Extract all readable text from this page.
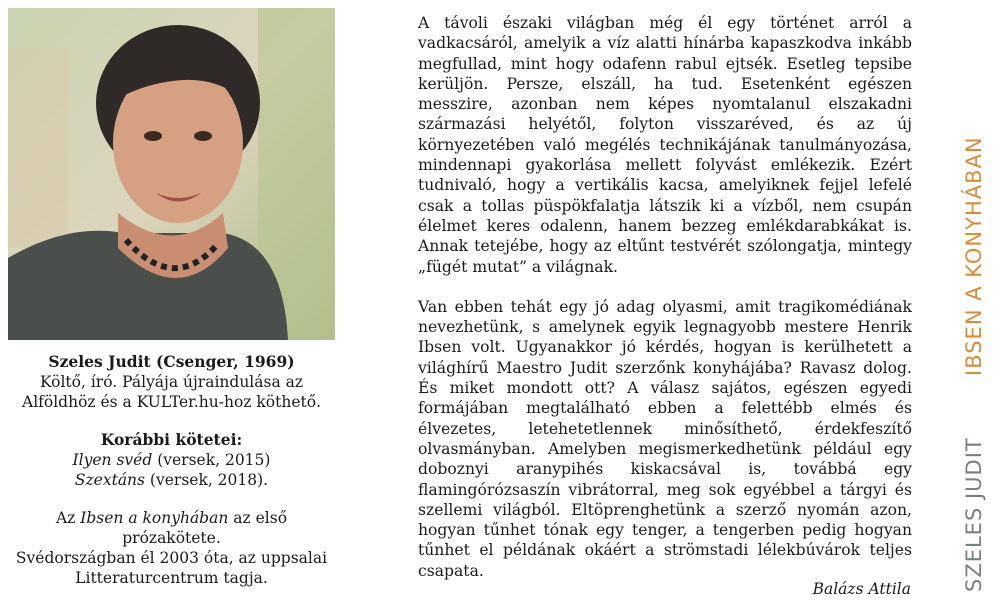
Szeles Judit (Csenger, 1969)

Költő, író. Pályája újraindulása az

Alföldhöz és a KULTer.hu-hoz köthető.

Korábbi kötetei:

Ilyen svéd (versek, 2015)

Szextáns (versek, 2018).

Az Ibsen a konyhában az első prózakötete.

Svédországban él 2003 óta, az uppsalai

Litteraturcentrum tagja.

A távoli északi világban még él egy történet arról a vadkacsáról, amelyik a víz alatti hínárba kapaszkodva inkább megfullad, mint hogy odafenn rabul ejtsék. Esetleg tepsibe kerüljön. Persze, elszáll, ha tud. Esetenként egészen messzire, azonban nem képes nyomtalanul elszakadni származási helyétől, folyton visszaréved, és az új környezetében való megélés technikájának tanulmányozása, mindennapi gyakorlása mellett folyvást emlékezik. Ezért tudnivaló, hogy a vertikális kacsa, amelyiknek fejjel lefelé csak a tollas püspökfalatja látszik ki a vízből, nem csupán élelmet keres odalenn, hanem bezzeg emlékdarabkákat is. Annak tetejébe, hogy az eltűnt testvérét szólongatja, mintegy „fügét mutat” a világnak.

Van ebben tehát egy jó adag olyasmi, amit tragikomédiának nevezhetünk, s amelynek egyik legnagyobb mestere Henrik Ibsen volt. Ugyanakkor jó kérdés, hogyan is kerülhetett a világhírű Maestro Judit szerzőnk konyhájába? Ravasz dolog. És miket mondott ott? A válasz sajátos, egészen egyedi formájában megtalálható ebben a felettébb elmés és élvezetes, letehetetlennek minősíthető, érdekfeszítő olvasmányban. Amelyben megismerkedhetünk például egy doboznyi aranypihés kiskacsával is, továbbá egy flamingórózsaszín vibrátorral, meg sok egyébbel a tárgyi és szellemi világból. Eltöprenghetünk a szerző nyomán azon, hogyan tűnhet tónak egy tenger, a tengerben pedig hogyan tűnhet el példának okáért a strömstadi lélekbúvárok teljes csapata.

Balázs Attila
IBSEN A KONYHÁBAN
SZELES JUDIT
